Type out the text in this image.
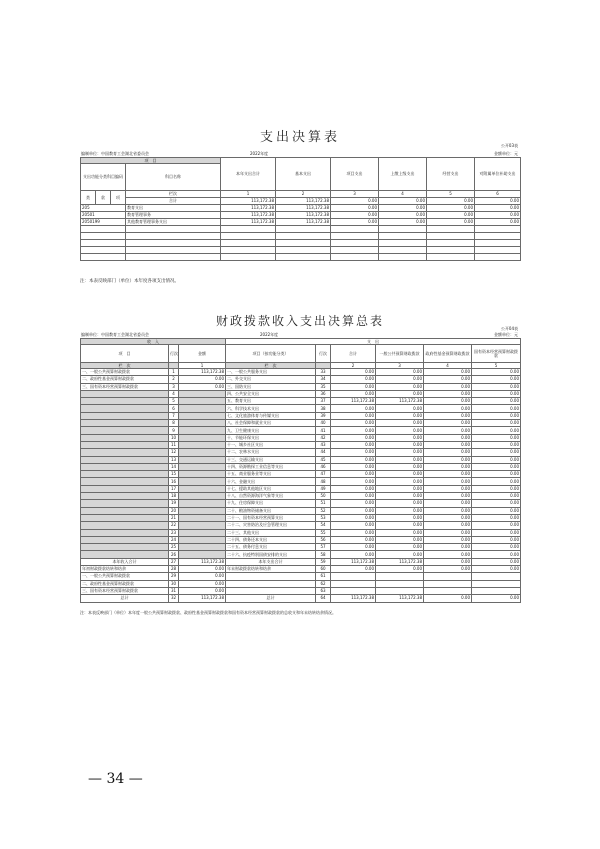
支出决算表
公开03表
编制单位：中国教育工会湖北省委员会	2022年度	金额单位：元
项　目				本年支出合计	基本支出	项目支出	上缴上级支出	经营支出	对附属单位补助支出
支出功能分类科目编码			科目名称						

类	款	项	栏次	1	2	3	4	5	6
			合计	113,172.38	113,172.38	0.00	0.00	0.00	0.00
205			教育支出	113,172.38	113,172.38	0.00	0.00	0.00	0.00
20501			教育管理事务	113,172.38	113,172.38	0.00	0.00	0.00	0.00
2050199			其他教育管理事务支出	113,172.38	113,172.38	0.00	0.00	0.00	0.00

注：本表反映部门（单位）本年度各项支出情况。
财政拨款收入支出决算总表
公开04表
编制单位：中国教育工会湖北省委员会	2022年度	金额单位：元
收　入			支　出					
项　目	行次	金额	项目（按功能分类）	行次	合计	一般公共预算财政拨款	政府性基金预算财政拨款	国有资本经营预算财政拨款
栏　次		1	栏　次		2	3	4	5
一、一般公共预算财政拨款	1	113,172.38	一、一般公共服务支出	33	0.00	0.00	0.00	0.00
二、政府性基金预算财政拨款	2	0.00	二、外交支出	34	0.00	0.00	0.00	0.00
三、国有资本经营预算财政拨款	3	0.00	三、国防支出	35	0.00	0.00	0.00	0.00
	4		四、公共安全支出	36	0.00	0.00	0.00	0.00
	5		五、教育支出	37	113,172.38	113,172.38	0.00	0.00
	6		六、科学技术支出	38	0.00	0.00	0.00	0.00
	7		七、文化旅游体育与传媒支出	39	0.00	0.00	0.00	0.00
	8		八、社会保障和就业支出	40	0.00	0.00	0.00	0.00
	9		九、卫生健康支出	41	0.00	0.00	0.00	0.00
	10		十、节能环保支出	42	0.00	0.00	0.00	0.00
	11		十一、城乡社区支出	43	0.00	0.00	0.00	0.00
	12		十二、农林水支出	44	0.00	0.00	0.00	0.00
	13		十三、交通运输支出	45	0.00	0.00	0.00	0.00
	14		十四、资源勘探工业信息等支出	46	0.00	0.00	0.00	0.00
	15		十五、商业服务业等支出	47	0.00	0.00	0.00	0.00
	16		十六、金融支出	48	0.00	0.00	0.00	0.00
	17		十七、援助其他地区支出	49	0.00	0.00	0.00	0.00
	18		十八、自然资源海洋气象等支出	50	0.00	0.00	0.00	0.00
	19		十九、住房保障支出	51	0.00	0.00	0.00	0.00
	20		二十、粮油物资储备支出	52	0.00	0.00	0.00	0.00
	21		二十一、国有资本经营预算支出	53	0.00	0.00	0.00	0.00
	22		二十二、灾害防治及应急管理支出	54	0.00	0.00	0.00	0.00
	23		二十三、其他支出	55	0.00	0.00	0.00	0.00
	24		二十四、债务还本支出	56	0.00	0.00	0.00	0.00
	25		二十五、债务付息支出	57	0.00	0.00	0.00	0.00
	26		二十六、抗疫特别国债安排的支出	58	0.00	0.00	0.00	0.00
本年收入合计	27	113,172.38	本年支出合计	59	113,172.38	113,172.38	0.00	0.00
年初财政拨款结转和结余	28	0.00	年末财政拨款结转和结余	60	0.00	0.00	0.00	0.00
一、一般公共预算财政拨款	29	0.00		61				
二、政府性基金预算财政拨款	30	0.00		62				
三、国有资本经营预算财政拨款	31	0.00		63				
总计	32	113,172.38	总计	64	113,172.38	113,172.38	0.00	0.00
注：本表反映部门（单位）本年度一般公共预算财政拨款、政府性基金预算财政拨款和国有资本经营预算财政拨款的总收支和年末结转结余情况。
— 34 —
